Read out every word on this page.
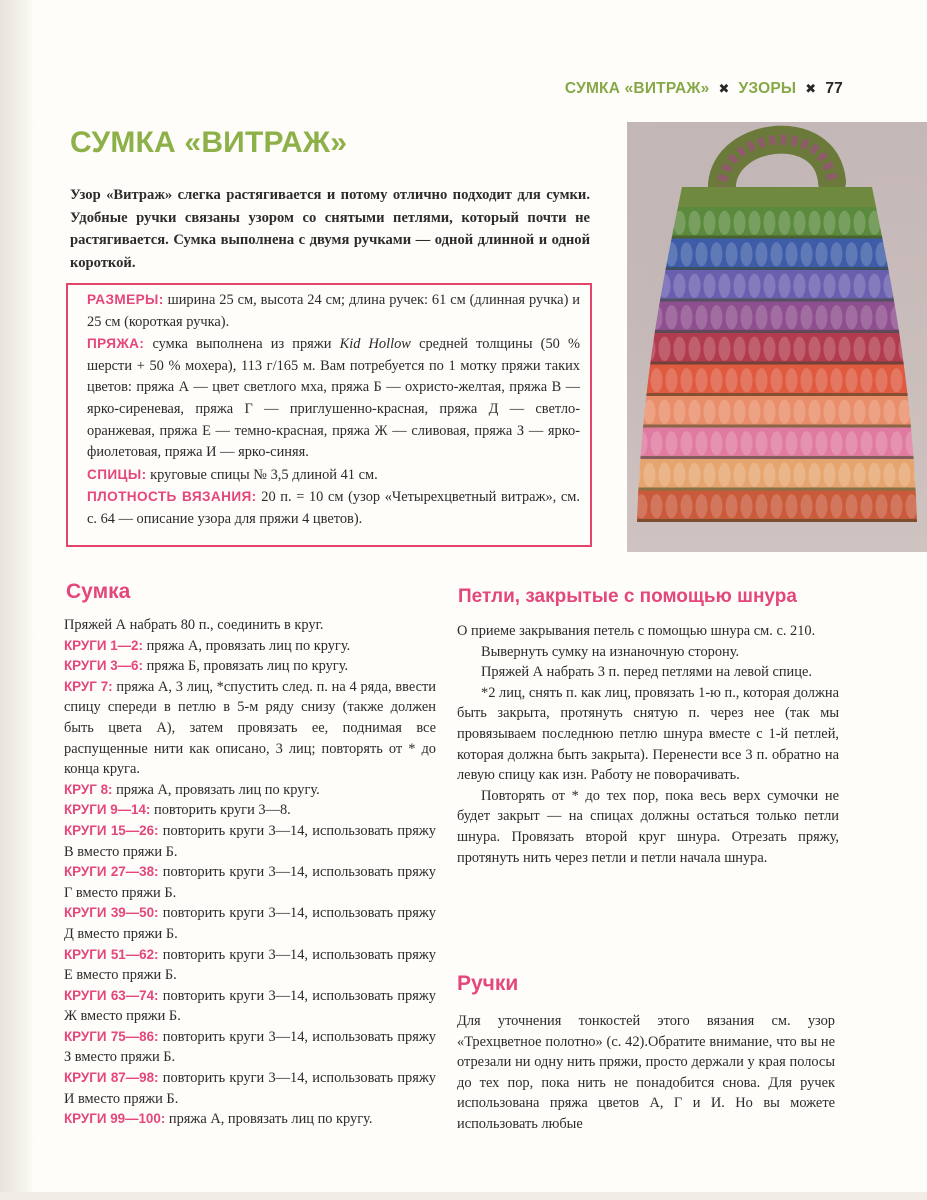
СУМКА «ВИТРАЖ» ✖ УЗОРЫ ✖ 77
СУМКА «ВИТРАЖ»
Узор «Витраж» слегка растягивается и потому отлично подходит для сумки. Удобные ручки связаны узором со снятыми петлями, который почти не растягивается. Сумка выполнена с двумя ручками — одной длинной и одной короткой.
РАЗМЕРЫ: ширина 25 см, высота 24 см; длина ручек: 61 см (длинная ручка) и 25 см (короткая ручка).
ПРЯЖА: сумка выполнена из пряжи Kid Hollow средней толщины (50 % шерсти + 50 % мохера), 113 г/165 м. Вам потребуется по 1 мотку пряжи таких цветов: пряжа А — цвет светлого мха, пряжа Б — охристо-желтая, пряжа В — ярко-сиреневая, пряжа Г — приглушенно-красная, пряжа Д — светло-оранжевая, пряжа Е — темно-красная, пряжа Ж — сливовая, пряжа З — ярко-фиолетовая, пряжа И — ярко-синяя.
СПИЦЫ: круговые спицы № 3,5 длиной 41 см.
ПЛОТНОСТЬ ВЯЗАНИЯ: 20 п. = 10 см (узор «Четырехцветный витраж», см. с. 64 — описание узора для пряжи 4 цветов).
Сумка
Пряжей А набрать 80 п., соединить в круг.
КРУГИ 1—2: пряжа А, провязать лиц по кругу.
КРУГИ 3—6: пряжа Б, провязать лиц по кругу.
КРУГ 7: пряжа А, 3 лиц, *спустить след. п. на 4 ряда, ввести спицу спереди в петлю в 5-м ряду снизу (также должен быть цвета А), затем провязать ее, поднимая все распущенные нити как описано, 3 лиц; повторять от * до конца круга.
КРУГ 8: пряжа А, провязать лиц по кругу.
КРУГИ 9—14: повторить круги 3—8.
КРУГИ 15—26: повторить круги 3—14, использовать пряжу В вместо пряжи Б.
КРУГИ 27—38: повторить круги 3—14, использовать пряжу Г вместо пряжи Б.
КРУГИ 39—50: повторить круги 3—14, использовать пряжу Д вместо пряжи Б.
КРУГИ 51—62: повторить круги 3—14, использовать пряжу Е вместо пряжи Б.
КРУГИ 63—74: повторить круги 3—14, использовать пряжу Ж вместо пряжи Б.
КРУГИ 75—86: повторить круги 3—14, использовать пряжу З вместо пряжи Б.
КРУГИ 87—98: повторить круги 3—14, использовать пряжу И вместо пряжи Б.
КРУГИ 99—100: пряжа А, провязать лиц по кругу.
Петли, закрытые с помощью шнура
О приеме закрывания петель с помощью шнура см. с. 210.
Вывернуть сумку на изнаночную сторону.
Пряжей А набрать 3 п. перед петлями на левой спице.
*2 лиц, снять п. как лиц, провязать 1-ю п., которая должна быть закрыта, протянуть снятую п. через нее (так мы провязываем последнюю петлю шнура вместе с 1-й петлей, которая должна быть закрыта). Перенести все 3 п. обратно на левую спицу как изн. Работу не поворачивать.
Повторять от * до тех пор, пока весь верх сумочки не будет закрыт — на спицах должны остаться только петли шнура. Провязать второй круг шнура. Отрезать пряжу, протянуть нить через петли и петли начала шнура.
Ручки
Для уточнения тонкостей этого вязания см. узор «Трехцветное полотно» (с. 42).Обратите внимание, что вы не отрезали ни одну нить пряжи, просто держали у края полосы до тех пор, пока нить не понадобится снова. Для ручек использована пряжа цветов А, Г и И. Но вы можете использовать любые
